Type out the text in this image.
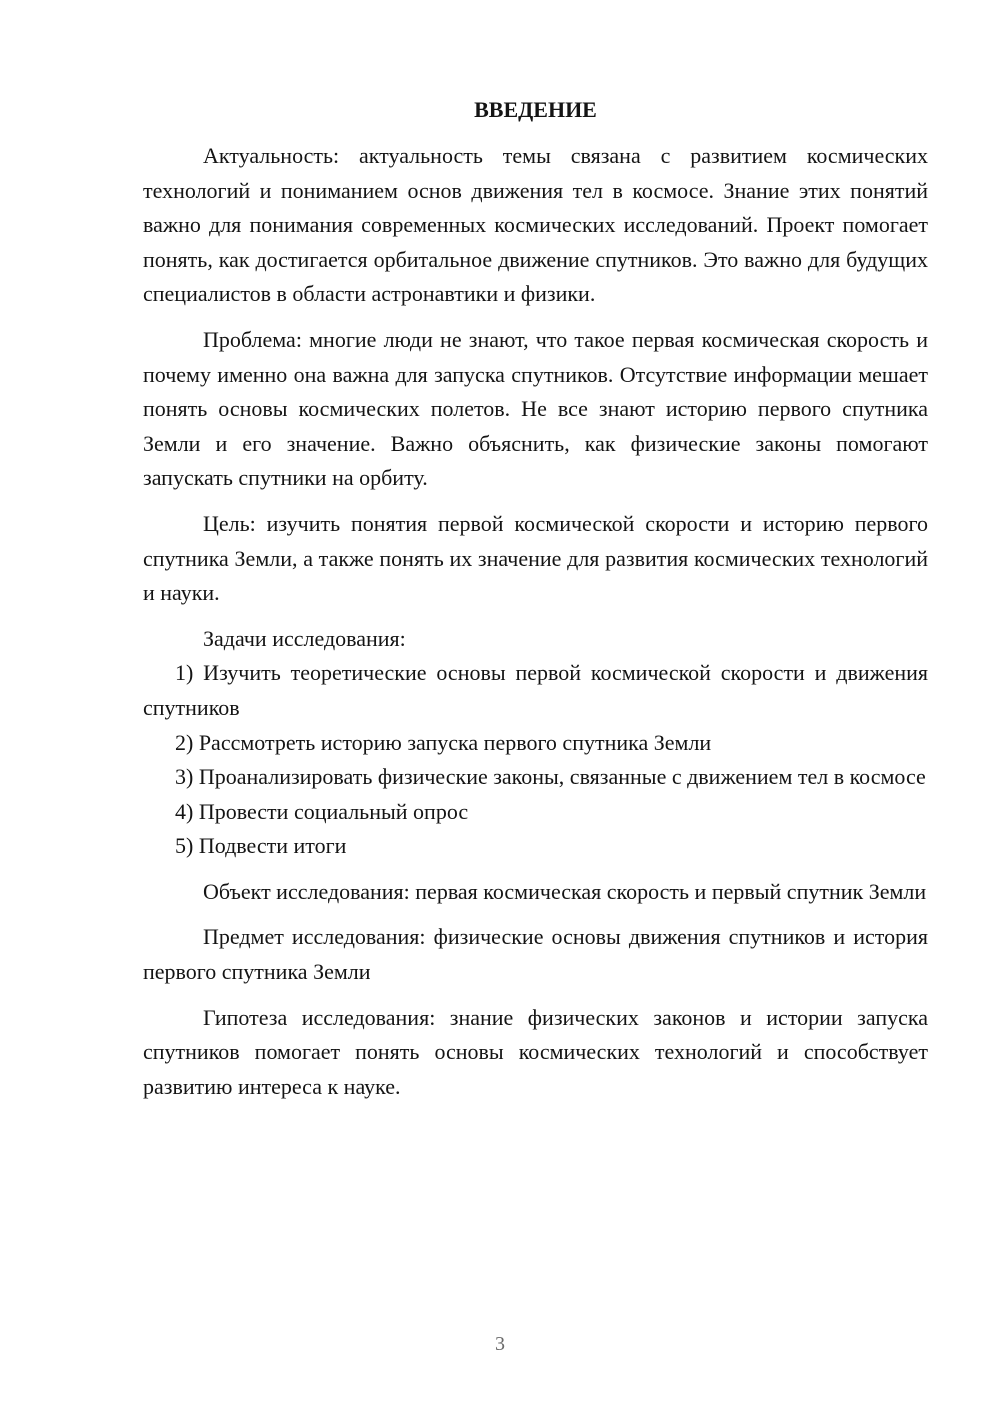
ВВЕДЕНИЕ

Актуальность: актуальность темы связана с развитием космических технологий и пониманием основ движения тел в космосе. Знание этих понятий важно для понимания современных космических исследований. Проект помогает понять, как достигается орбитальное движение спутников. Это важно для будущих специалистов в области астронавтики и физики.

Проблема: многие люди не знают, что такое первая космическая скорость и почему именно она важна для запуска спутников. Отсутствие информации мешает понять основы космических полетов. Не все знают историю первого спутника Земли и его значение. Важно объяснить, как физические законы помогают запускать спутники на орбиту.

Цель: изучить понятия первой космической скорости и историю первого спутника Земли, а также понять их значение для развития космических технологий и науки.

Задачи исследования:

1) Изучить теоретические основы первой космической скорости и движения спутников

2) Рассмотреть историю запуска первого спутника Земли

3) Проанализировать физические законы, связанные с движением тел в космосе

4) Провести социальный опрос

5) Подвести итоги

Объект исследования: первая космическая скорость и первый спутник Земли

Предмет исследования: физические основы движения спутников и история первого спутника Земли

Гипотеза исследования: знание физических законов и истории запуска спутников помогает понять основы космических технологий и способствует развитию интереса к науке.

3
